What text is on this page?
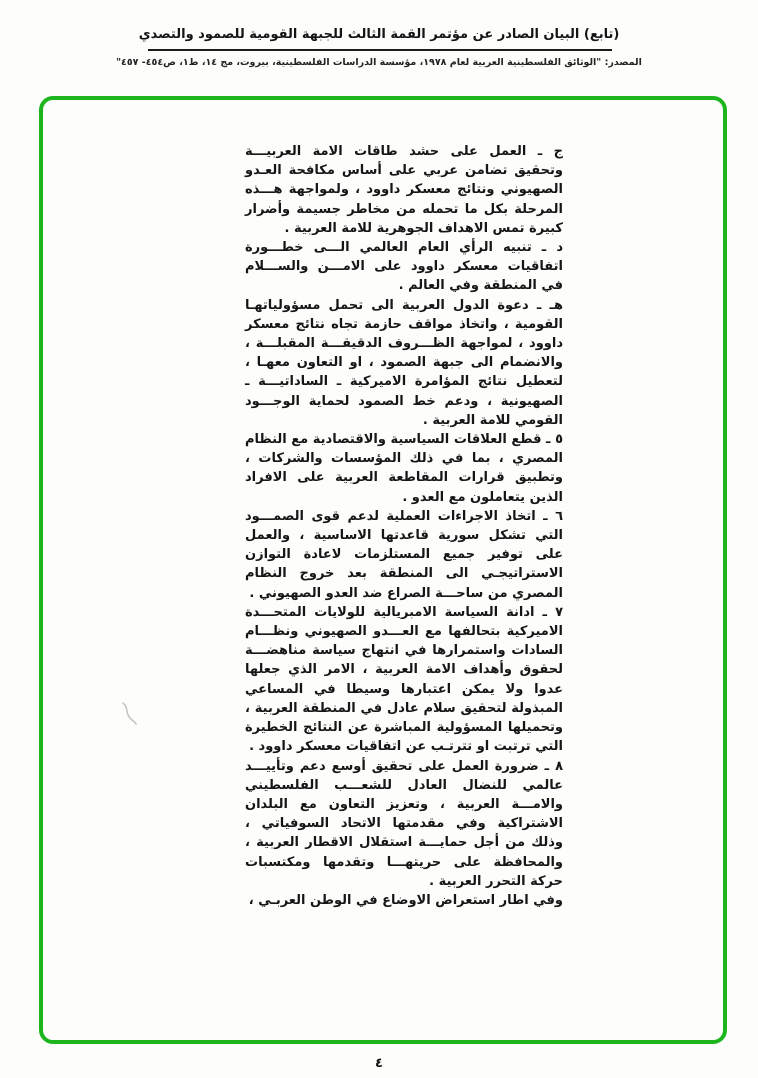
(تابع) البيان الصادر عن مؤتمر القمة الثالث للجبهة القومية للصمود والتصدي
المصدر: "الوثائق الفلسطينية العربية لعام ١٩٧٨، مؤسسة الدراسات الفلسطينية، بيروت، مج ١٤، ط١، ص٤٥٤- ٤٥٧"

ج ـ العمل على حشد طاقات الامة العربيـــة وتحقيق تضامن عربي على أساس مكافحة العـدو الصهيوني ونتائج معسكر داوود ، ولمواجهة هـــذه المرحلة بكل ما تحمله من مخاطر جسيمة وأضرار كبيرة تمس الاهداف الجوهرية للامة العربية .

د ـ تنبيه الرأي العام العالمي الـــى خطـــورة اتفاقيات معسكر داوود على الامـــن والســـلام في المنطقة وفي العالم .

هـ ـ دعوة الدول العربية الى تحمل مسؤولياتهـا القومية ، واتخاذ مواقف حازمة تجاه نتائج معسكر داوود ، لمواجهة الظـــروف الدقيقـــة المقبلـــة ، والانضمام الى جبهة الصمود ، او التعاون معهـا ، لتعطيل نتائج المؤامرة الاميركية ـ الساداتيـــة ـ الصهيونية ، ودعم خط الصمود لحماية الوجـــود القومي للامة العربية .

٥ ـ قطع العلاقات السياسية والاقتصادية مع النظام المصري ، بما في ذلك المؤسسات والشركات ، وتطبيق قرارات المقاطعة العربية على الافراد الذين يتعاملون مع العدو .

٦ ـ اتخاذ الاجراءات العملية لدعم قوى الصمـــود التي تشكل سورية قاعدتها الاساسية ، والعمل على توفير جميع المستلزمات لاعادة التوازن الاستراتيجـي الى المنطقة بعد خروج النظام المصري من ساحـــة الصراع ضد العدو الصهيوني .

٧ ـ ادانة السياسة الامبريالية للولايات المتحـــدة الاميركية بتحالفها مع العـــدو الصهيوني ونظـــام السادات واستمرارها في انتهاج سياسة مناهضـــة لحقوق وأهداف الامة العربية ، الامر الذي جعلها عدوا ولا يمكن اعتبارها وسيطا في المساعي المبذولة لتحقيق سلام عادل في المنطقة العربية ، وتحميلها المسؤولية المباشرة عن النتائج الخطيرة التي ترتبت او تترتـب عن اتفاقيات معسكر داوود .

٨ ـ ضرورة العمل على تحقيق أوسع دعم وتأييـــد عالمي للنضال العادل للشعـــب الفلسطيني والامـــة العربية ، وتعزيز التعاون مع البلدان الاشتراكية وفي مقدمتها الاتحاد السوفياتي ، وذلك من أجل حمايـــة استقلال الاقطار العربية ، والمحافظة على حريتهـــا وتقدمها ومكتسبات حركة التحرر العربية .

وفي اطار استعراض الاوضاع في الوطن العربـي ،

٤
